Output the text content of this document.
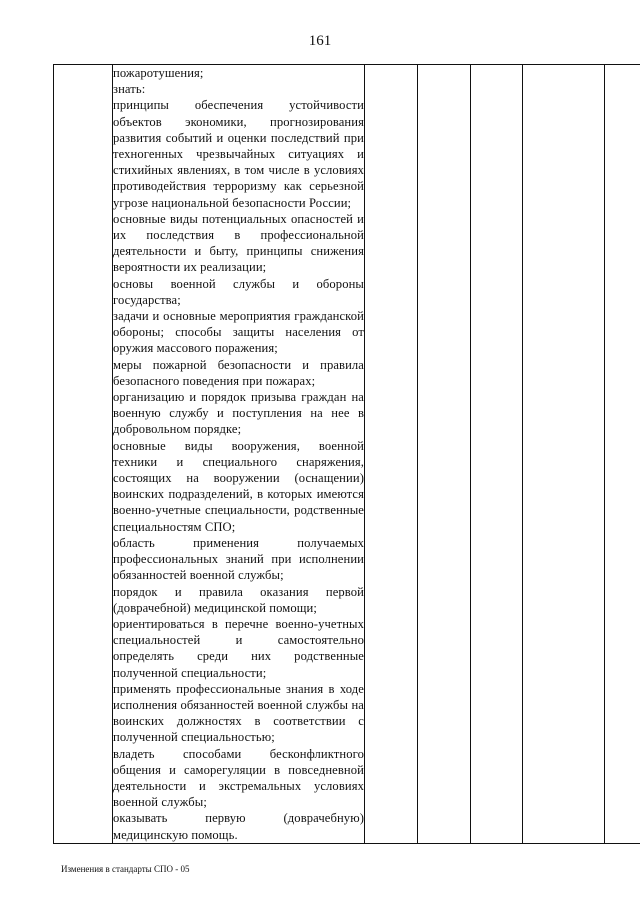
161

пожаротушения;

знать:

принципы обеспечения устойчивости объектов экономики, прогнозирования развития событий и оценки последствий при техногенных чрезвычайных ситуациях и стихийных явлениях, в том числе в условиях противодействия терроризму как серьезной угрозе национальной безопасности России;

основные виды потенциальных опасностей и их последствия в профессиональной деятельности и быту, принципы снижения вероятности их реализации;

основы военной службы и обороны государства;

задачи и основные мероприятия гражданской обороны; способы защиты населения от оружия массового поражения;

меры пожарной безопасности и правила безопасного поведения при пожарах;

организацию и порядок призыва граждан на военную службу и поступления на нее в добровольном порядке;

основные виды вооружения, военной техники и специального снаряжения, состоящих на вооружении (оснащении) воинских подразделений, в которых имеются военно-учетные специальности, родственные специальностям СПО;

область применения получаемых профессиональных знаний при исполнении обязанностей военной службы;

порядок и правила оказания первой (доврачебной) медицинской помощи;

ориентироваться в перечне военно-учетных специальностей и самостоятельно определять среди них родственные полученной специальности;

применять профессиональные знания в ходе исполнения обязанностей военной службы на воинских должностях в соответствии с полученной специальностью;

владеть способами бесконфликтного общения и саморегуляции в повседневной деятельности и экстремальных условиях военной службы;

оказывать первую (доврачебную) медицинскую помощь.

Изменения в стандарты СПО - 05
